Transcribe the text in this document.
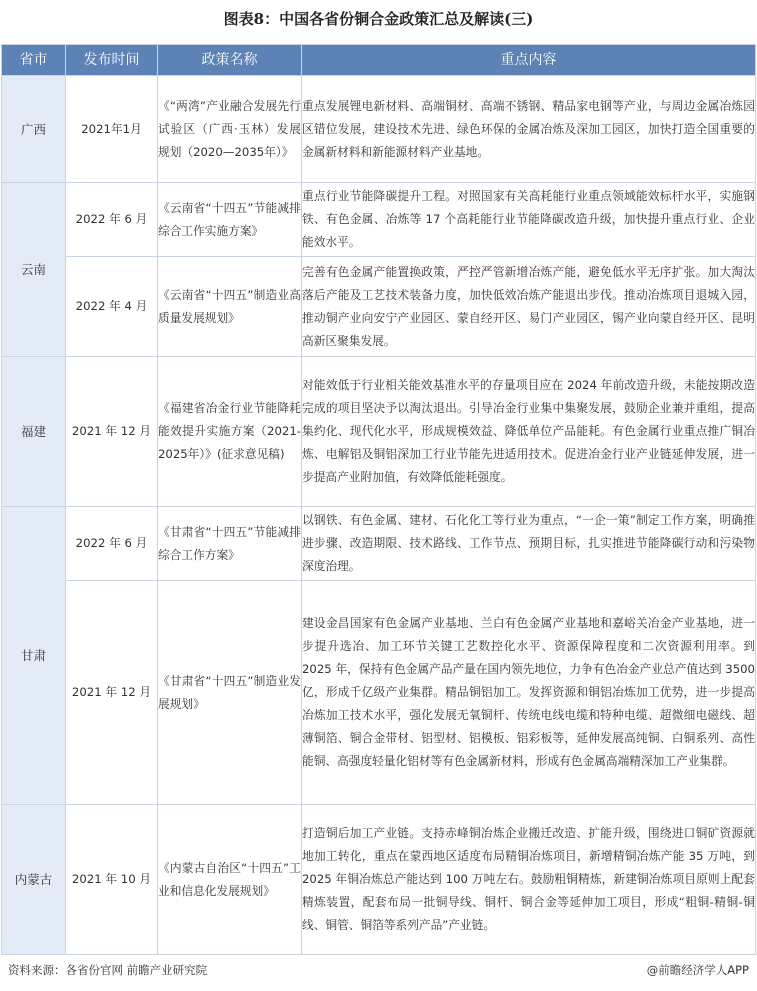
图表8：中国各省份铜合金政策汇总及解读(三)
省市	发布时间	政策名称	重点内容
广西	2021年1月	《“两湾”产业融合发展先行试验区（广西·玉林）发展规划（2020—2035年）》	重点发展锂电新材料、高端铜材、高端不锈钢、精品家电钢等产业，与周边金属冶炼园区错位发展，建设技术先进、绿色环保的金属冶炼及深加工园区，加快打造全国重要的金属新材料和新能源材料产业基地。
云南	2022 年 6 月	《云南省“十四五”节能减排综合工作实施方案》	重点行业节能降碳提升工程。对照国家有关高耗能行业重点领域能效标杆水平，实施钢铁、有色金属、冶炼等 17 个高耗能行业节能降碳改造升级，加快提升重点行业、企业能效水平。
	2022 年 4 月	《云南省“十四五”制造业高质量发展规划》	完善有色金属产能置换政策，严控严管新增冶炼产能，避免低水平无序扩张。加大淘汰落后产能及工艺技术装备力度，加快低效冶炼产能退出步伐。推动冶炼项目退城入园，推动铜产业向安宁产业园区、蒙自经开区、易门产业园区，锡产业向蒙自经开区、昆明高新区聚集发展。
福建	2021 年 12 月	《福建省冶金行业节能降耗能效提升实施方案（2021-2025年）》(征求意见稿)	对能效低于行业相关能效基准水平的存量项目应在 2024 年前改造升级，未能按期改造完成的项目坚决予以淘汰退出。引导冶金行业集中集聚发展，鼓励企业兼并重组，提高集约化、现代化水平，形成规模效益、降低单位产品能耗。有色金属行业重点推广铜冶炼、电解铝及铜铝深加工行业节能先进适用技术。促进冶金行业产业链延伸发展，进一步提高产业附加值，有效降低能耗强度。
甘肃	2022 年 6 月	《甘肃省“十四五”节能减排综合工作方案》	以钢铁、有色金属、建材、石化化工等行业为重点，“一企一策”制定工作方案，明确推进步骤、改造期限、技术路线、工作节点、预期目标，扎实推进节能降碳行动和污染物深度治理。
	2021 年 12 月	《甘肃省“十四五”制造业发展规划》	建设金昌国家有色金属产业基地、兰白有色金属产业基地和嘉峪关冶金产业基地，进一步提升选冶、加工环节关键工艺数控化水平、资源保障程度和二次资源利用率。到 2025 年，保持有色金属产品产量在国内领先地位，力争有色冶金产业总产值达到 3500 亿，形成千亿级产业集群。精品铜铝加工。发挥资源和铜铝冶炼加工优势，进一步提高冶炼加工技术水平，强化发展无氧铜杆、传统电线电缆和特种电缆、超微细电磁线、超薄铜箔、铜合金带材、铝型材、铝模板、铝彩板等，延伸发展高纯铜、白铜系列、高性能铜、高强度轻量化铝材等有色金属新材料，形成有色金属高端精深加工产业集群。
内蒙古	2021 年 10 月	《内蒙古自治区“十四五”工业和信息化发展规划》	打造铜后加工产业链。支持赤峰铜冶炼企业搬迁改造、扩能升级，围绕进口铜矿资源就地加工转化，重点在蒙西地区适度布局精铜冶炼项目，新增精铜冶炼产能 35 万吨，到 2025 年铜冶炼总产能达到 100 万吨左右。鼓励粗铜精炼，新建铜冶炼项目原则上配套精炼装置，配套布局一批铜导线、铜杆、铜合金等延伸加工项目，形成“粗铜-精铜-铜线、铜管、铜箔等系列产品”产业链。
资料来源：各省份官网 前瞻产业研究院	@前瞻经济学人APP
